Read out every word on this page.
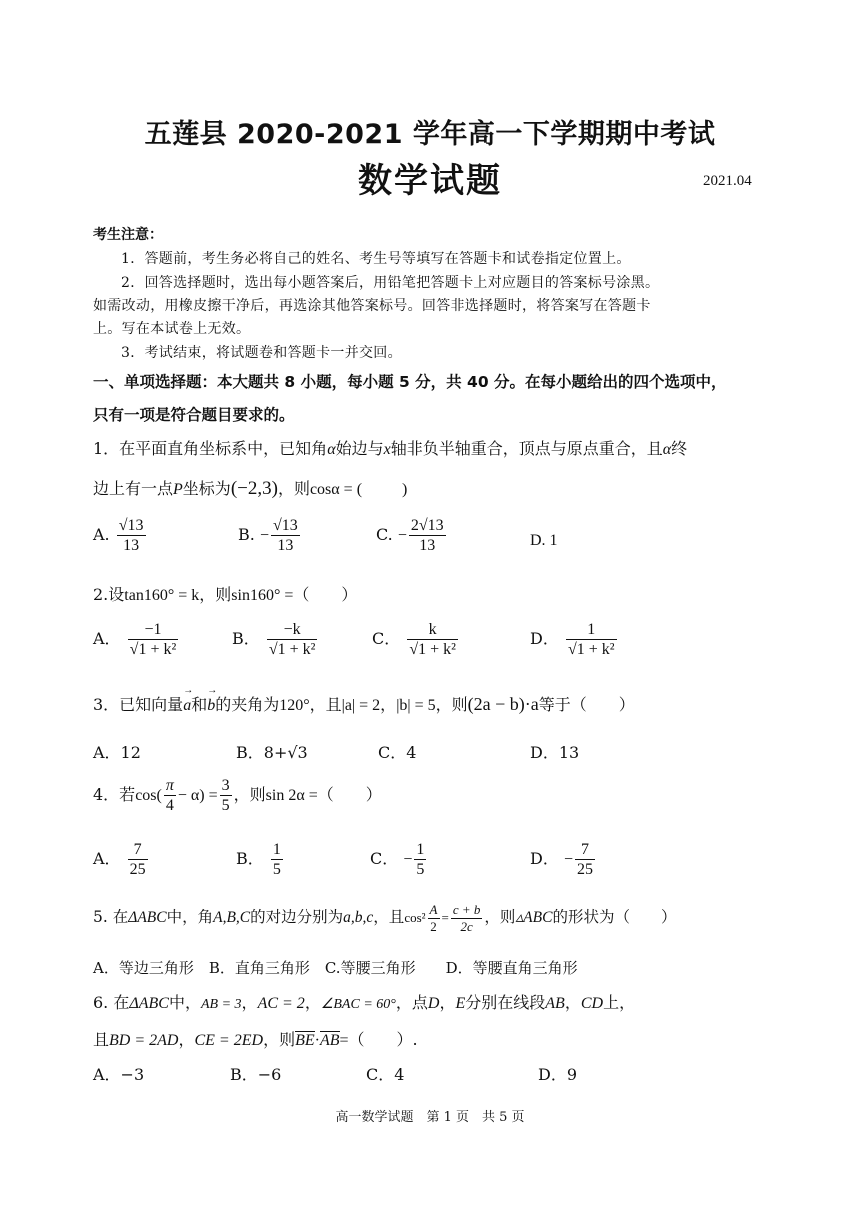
五莲县 2020-2021 学年高一下学期期中考试
数学试题	2021.04
考生注意：
1．答题前，考生务必将自己的姓名、考生号等填写在答题卡和试卷指定位置上。
2．回答选择题时，选出每小题答案后，用铅笔把答题卡上对应题目的答案标号涂黑。
如需改动，用橡皮擦干净后，再选涂其他答案标号。回答非选择题时，将答案写在答题卡
上。写在本试卷上无效。
3．考试结束，将试题卷和答题卡一并交回。
一、单项选择题：本大题共 8 小题，每小题 5 分，共 40 分。在每小题给出的四个选项中，
只有一项是符合题目要求的。
1．在平面直角坐标系中，已知角α始边与x轴非负半轴重合，顶点与原点重合，且α终
边上有一点P坐标为(−2,3)，则cosα = (	)
A. $\frac{√13}{13}$	B. − $\frac{√13}{13}$	C. − $\frac{2√13}{13}$	D. 1
2.设tan160° = k，则sin160° =（　　）
A． $\frac{-1}{\text{√1 + k²}}$	B． $\frac{-k}{\text{√1 + k²}}$	C． $\frac{k}{\text{√1 + k²}}$	D． $\frac{1}{\text{√1 + k²}}$
3．已知向量→ a和→ b的夹角为120°，且|a| = 2，|b| = 5，则(2a − b)·a等于（　　）
A．12	B．8+√3	C．4	D．13
4．若$\cos( \frac{\pi}{4} - \alpha) = \frac{3}{5}$ ，则sin 2α =（　　）
A． $\frac{7}{25}$	B． $\frac{1}{5}$	C． − $\frac{1}{5}$	D． − $\frac{7}{25}$
5. 在ΔABC中，角A,B,C的对边分别为a,b,c，且$\cos^2 \frac{A}{2} = \frac{c + b}{2c}$ ，则▵ABC的形状为（　　）
A．等边三角形　B．直角三角形　C.等腰三角形　　D．等腰直角三角形
6. 在ΔABC中，AB = 3，AC = 2，∠BAC = 60°，点D，E分别在线段AB，CD上，
且BD = 2AD，CE = 2ED，则BE·AB=（　　）.
A．−3	B．−6	C．4	D．9
高一数学试题　第 1 页　共 5 页
